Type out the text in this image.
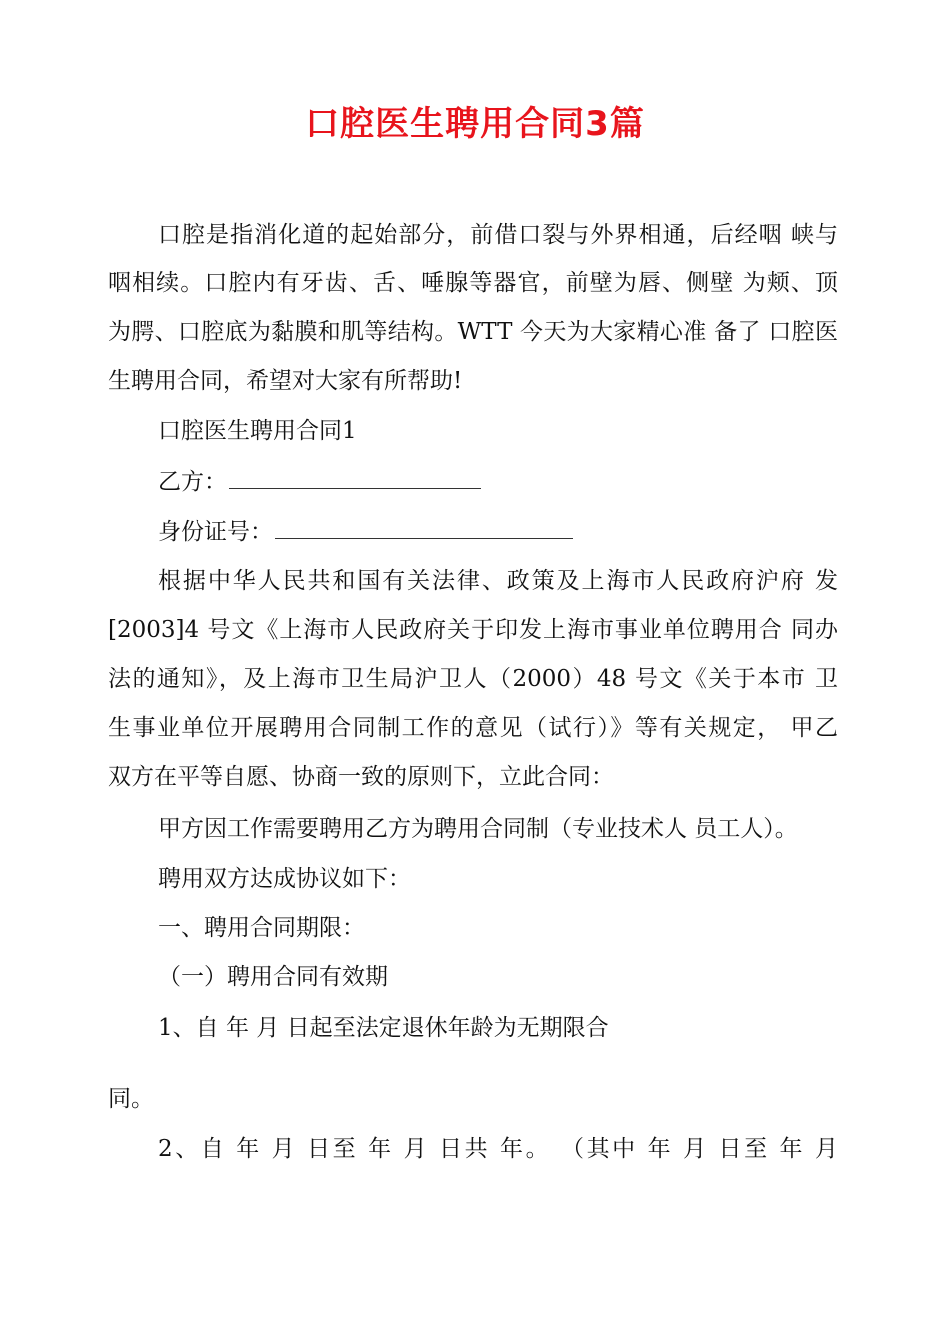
口腔医生聘用合同3篇

口腔是指消化道的起始部分，前借口裂与外界相通，后经咽 峡与

咽相续。口腔内有牙齿、舌、唾腺等器官，前壁为唇、侧壁 为颊、顶

为腭、口腔底为黏膜和肌等结构。WTT 今天为大家精心准 备了 口腔医

生聘用合同，希望对大家有所帮助!

口腔医生聘用合同1

乙方：

身份证号：

根据中华人民共和国有关法律、政策及上海市人民政府沪府 发

[2003]4 号文《上海市人民政府关于印发上海市事业单位聘用合 同办

法的通知》，及上海市卫生局沪卫人（2000）48 号文《关于本市 卫

生事业单位开展聘用合同制工作的意见（试行）》等有关规定， 甲乙

双方在平等自愿、协商一致的原则下，立此合同：

甲方因工作需要聘用乙方为聘用合同制（专业技术人 员工人）。

聘用双方达成协议如下：

一、聘用合同期限：

（一）聘用合同有效期

1、自 年 月 日起至法定退休年龄为无期限合

同。

2、自 年 月 日至 年 月 日共 年。 （其中 年 月 日至 年 月
